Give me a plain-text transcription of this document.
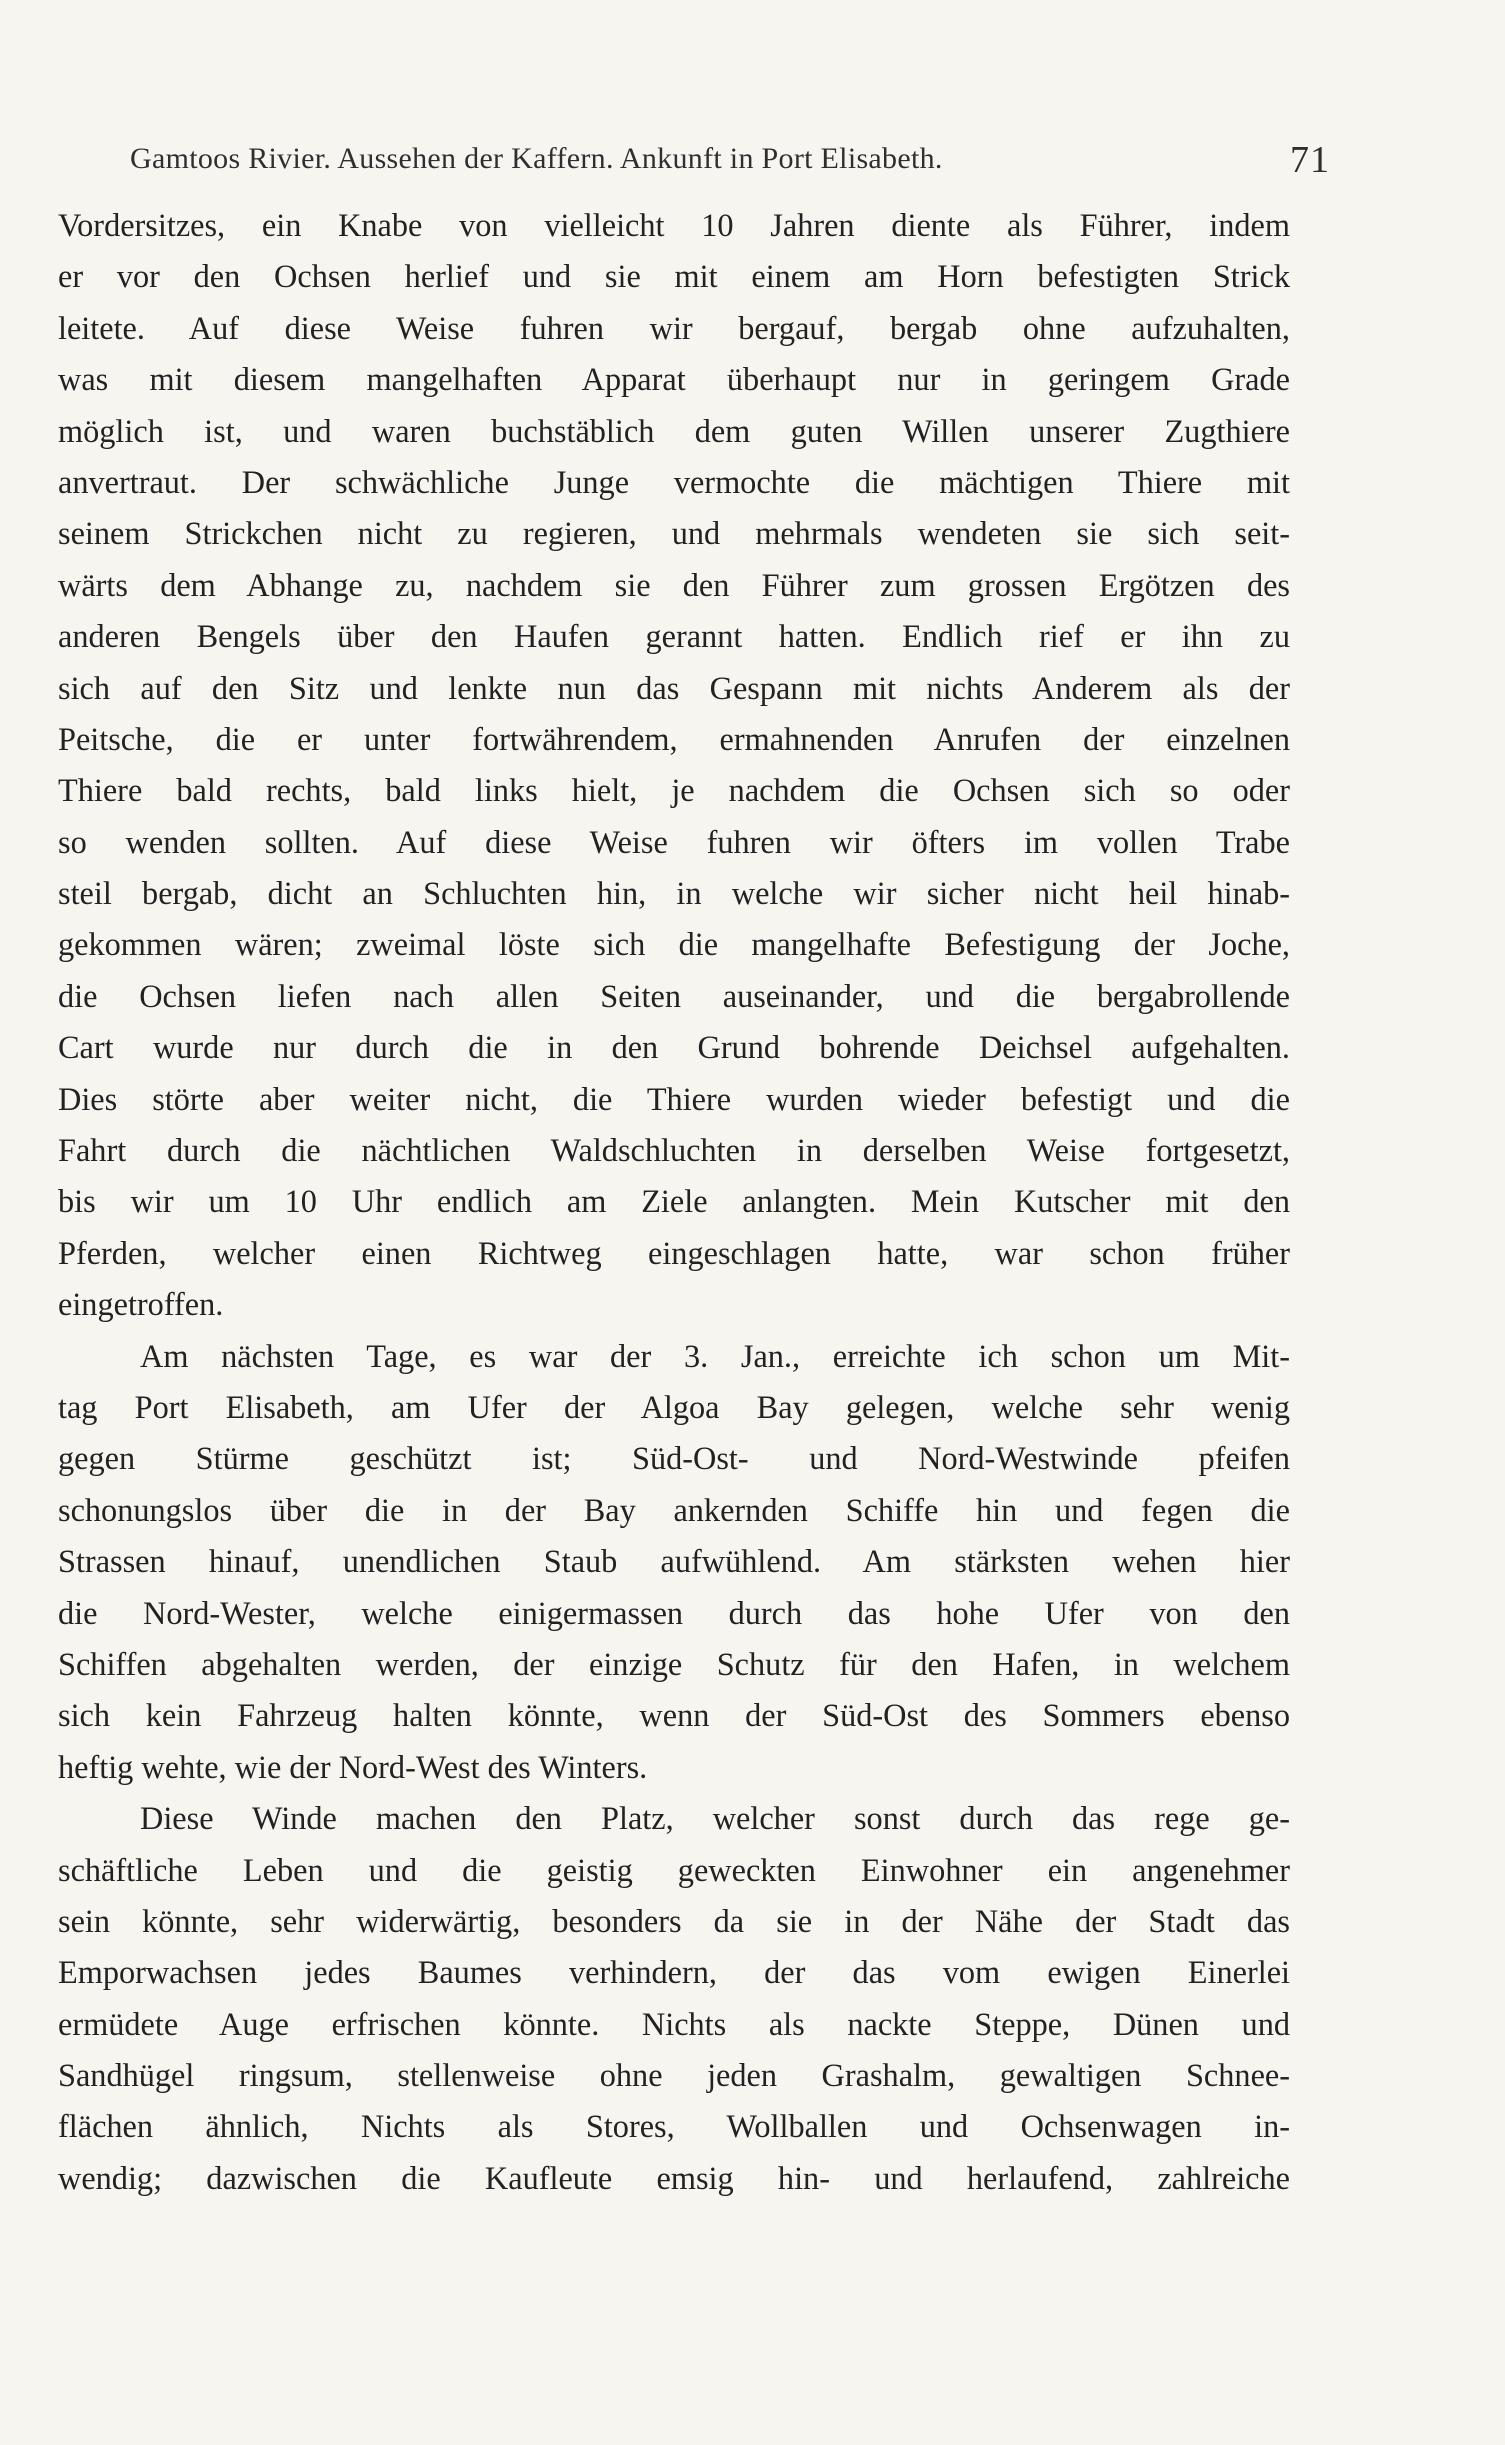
Gamtoos Rivier. Aussehen der Kaffern. Ankunft in Port Elisabeth.	71
Vordersitzes, ein Knabe von vielleicht 10 Jahren diente als Führer, indem
er vor den Ochsen herlief und sie mit einem am Horn befestigten Strick
leitete. Auf diese Weise fuhren wir bergauf, bergab ohne aufzuhalten,
was mit diesem mangelhaften Apparat überhaupt nur in geringem Grade
möglich ist, und waren buchstäblich dem guten Willen unserer Zugthiere
anvertraut. Der schwächliche Junge vermochte die mächtigen Thiere mit
seinem Strickchen nicht zu regieren, und mehrmals wendeten sie sich seit-
wärts dem Abhange zu, nachdem sie den Führer zum grossen Ergötzen des
anderen Bengels über den Haufen gerannt hatten. Endlich rief er ihn zu
sich auf den Sitz und lenkte nun das Gespann mit nichts Anderem als der
Peitsche, die er unter fortwährendem, ermahnenden Anrufen der einzelnen
Thiere bald rechts, bald links hielt, je nachdem die Ochsen sich so oder
so wenden sollten. Auf diese Weise fuhren wir öfters im vollen Trabe
steil bergab, dicht an Schluchten hin, in welche wir sicher nicht heil hinab-
gekommen wären; zweimal löste sich die mangelhafte Befestigung der Joche,
die Ochsen liefen nach allen Seiten auseinander, und die bergabrollende
Cart wurde nur durch die in den Grund bohrende Deichsel aufgehalten.
Dies störte aber weiter nicht, die Thiere wurden wieder befestigt und die
Fahrt durch die nächtlichen Waldschluchten in derselben Weise fortgesetzt,
bis wir um 10 Uhr endlich am Ziele anlangten. Mein Kutscher mit den
Pferden, welcher einen Richtweg eingeschlagen hatte, war schon früher
eingetroffen.
Am nächsten Tage, es war der 3. Jan., erreichte ich schon um Mit-
tag Port Elisabeth, am Ufer der Algoa Bay gelegen, welche sehr wenig
gegen Stürme geschützt ist; Süd-Ost- und Nord-Westwinde pfeifen
schonungslos über die in der Bay ankernden Schiffe hin und fegen die
Strassen hinauf, unendlichen Staub aufwühlend. Am stärksten wehen hier
die Nord-Wester, welche einigermassen durch das hohe Ufer von den
Schiffen abgehalten werden, der einzige Schutz für den Hafen, in welchem
sich kein Fahrzeug halten könnte, wenn der Süd-Ost des Sommers ebenso
heftig wehte, wie der Nord-West des Winters.
Diese Winde machen den Platz, welcher sonst durch das rege ge-
schäftliche Leben und die geistig geweckten Einwohner ein angenehmer
sein könnte, sehr widerwärtig, besonders da sie in der Nähe der Stadt das
Emporwachsen jedes Baumes verhindern, der das vom ewigen Einerlei
ermüdete Auge erfrischen könnte. Nichts als nackte Steppe, Dünen und
Sandhügel ringsum, stellenweise ohne jeden Grashalm, gewaltigen Schnee-
flächen ähnlich, Nichts als Stores, Wollballen und Ochsenwagen in-
wendig; dazwischen die Kaufleute emsig hin- und herlaufend, zahlreiche
